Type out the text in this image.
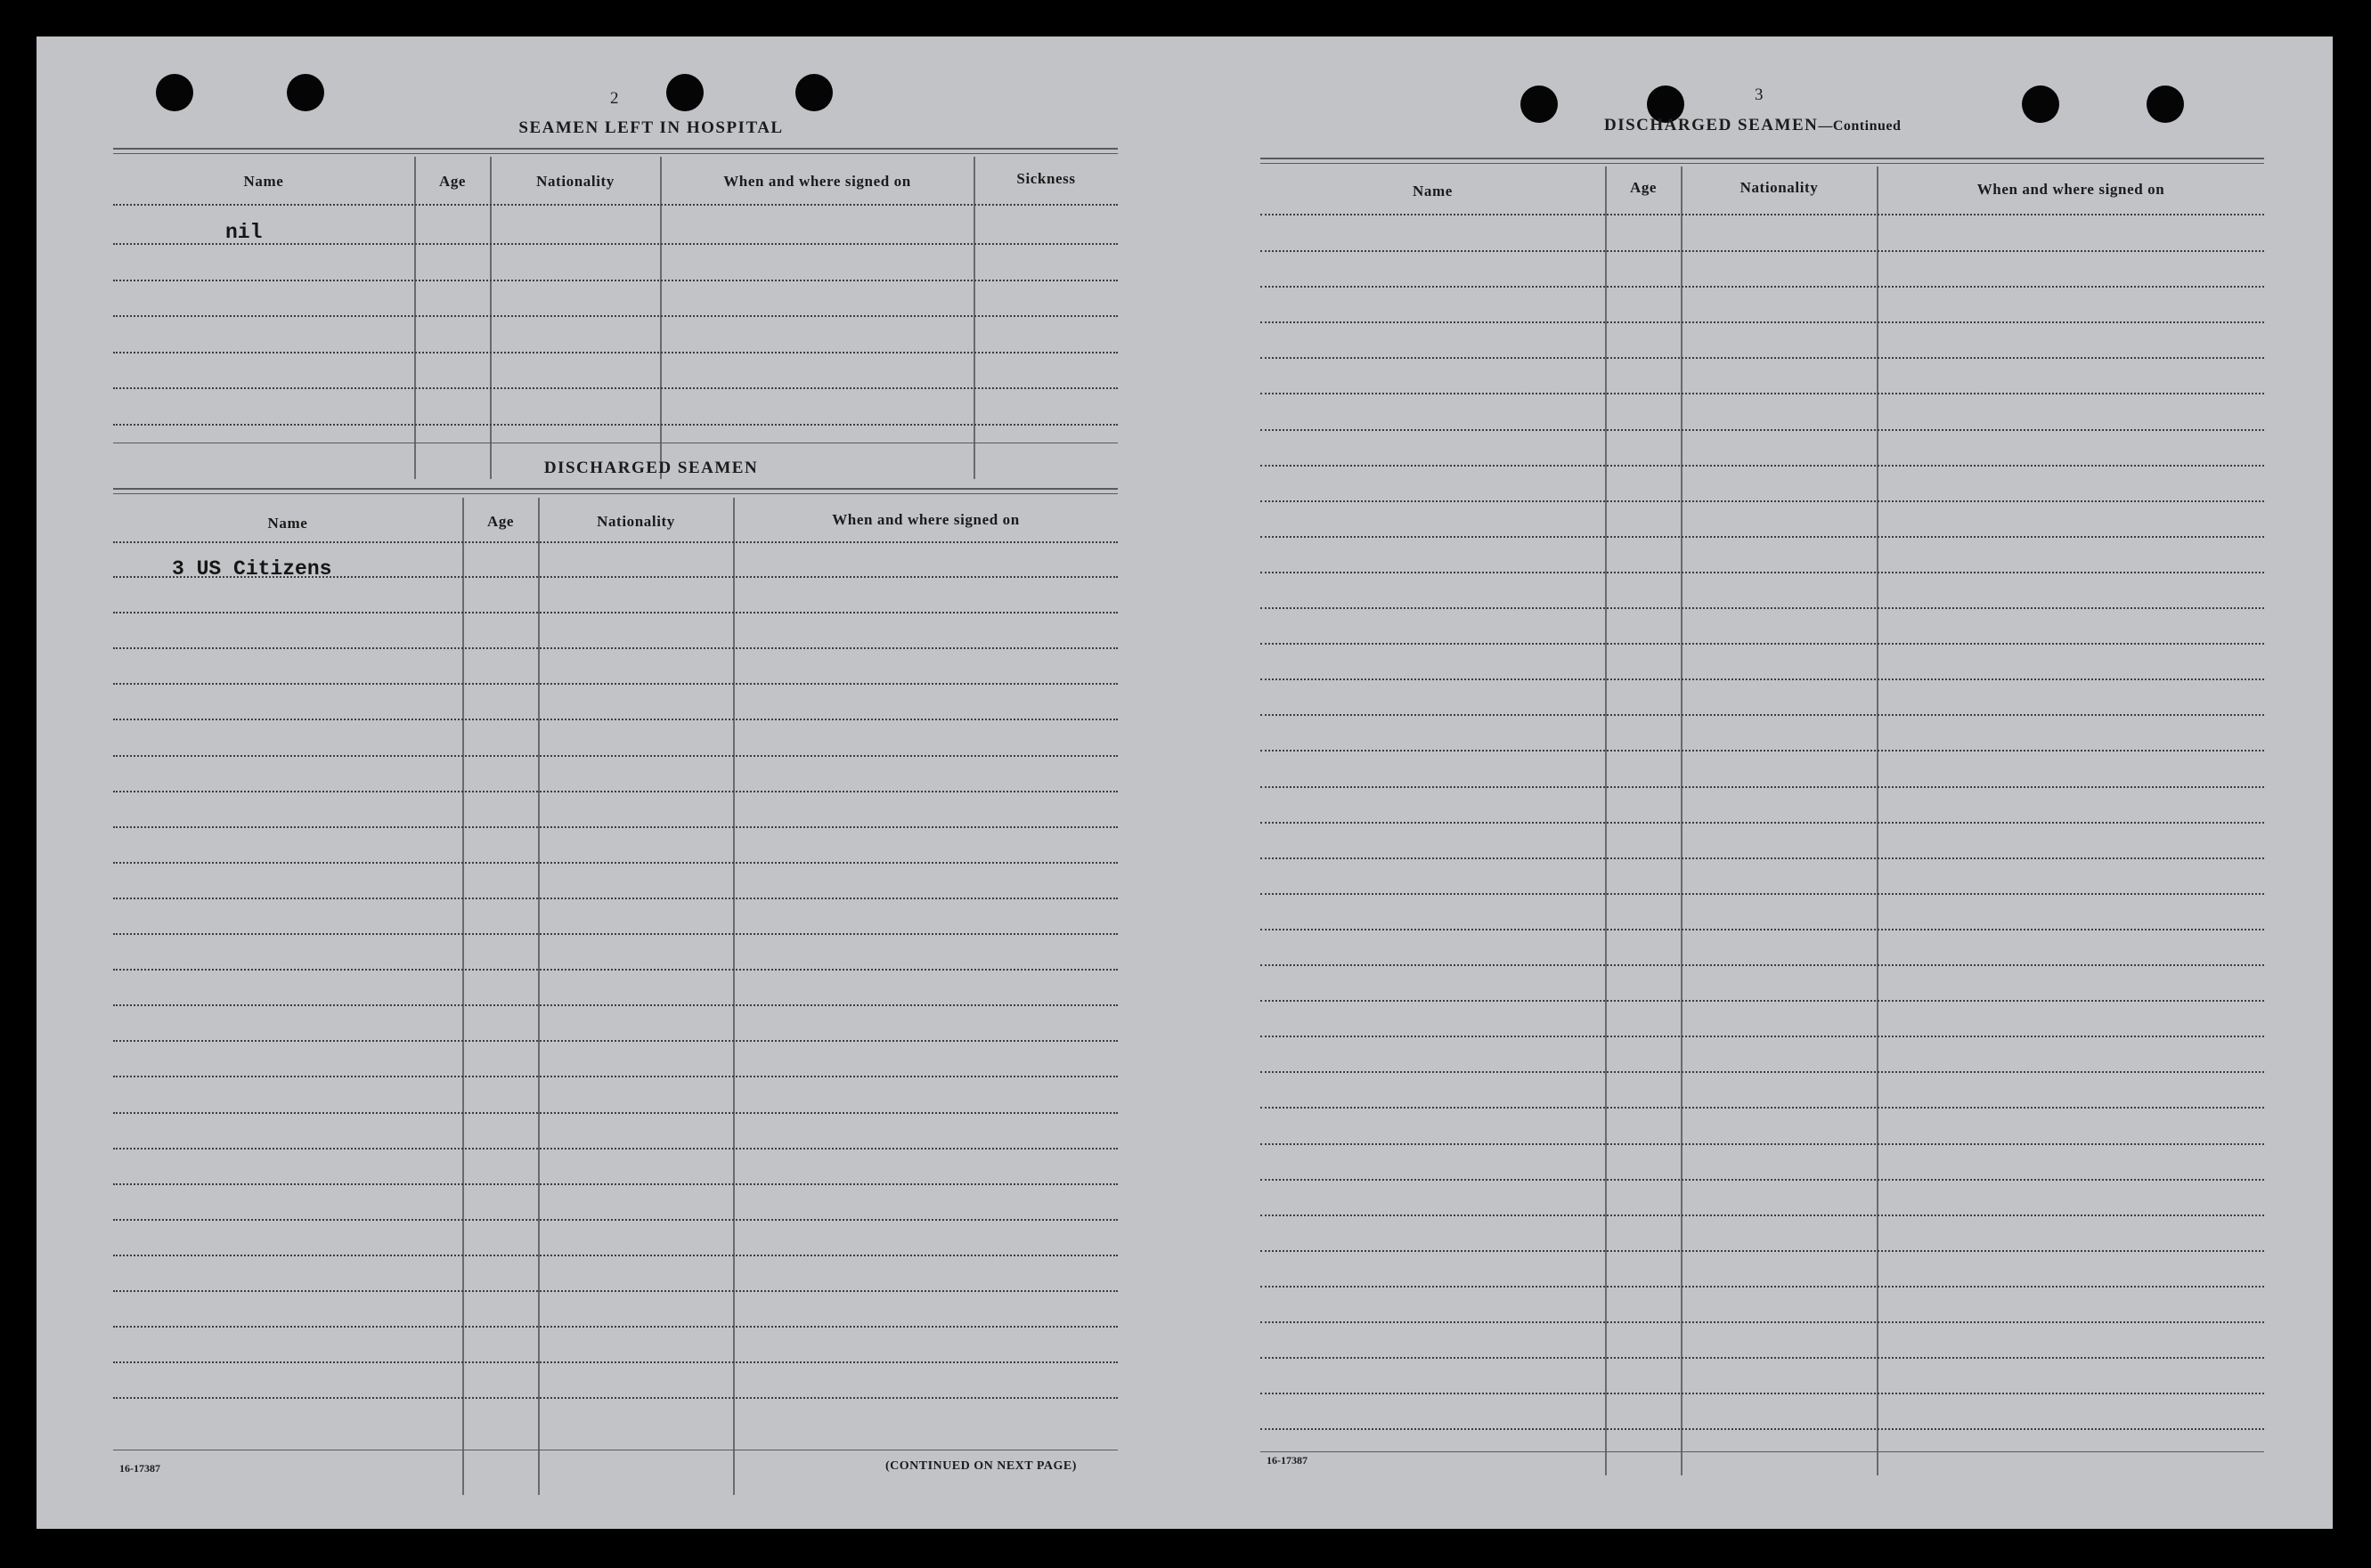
2
SEAMEN LEFT IN HOSPITAL
Name	Age	Nationality	When and where signed on	Sickness
nil
DISCHARGED SEAMEN
Name	Age	Nationality	When and where signed on
3 US Citizens
16-17387	(CONTINUED ON NEXT PAGE)
3
DISCHARGED SEAMEN—Continued
Name	Age	Nationality	When and where signed on
16-17387
